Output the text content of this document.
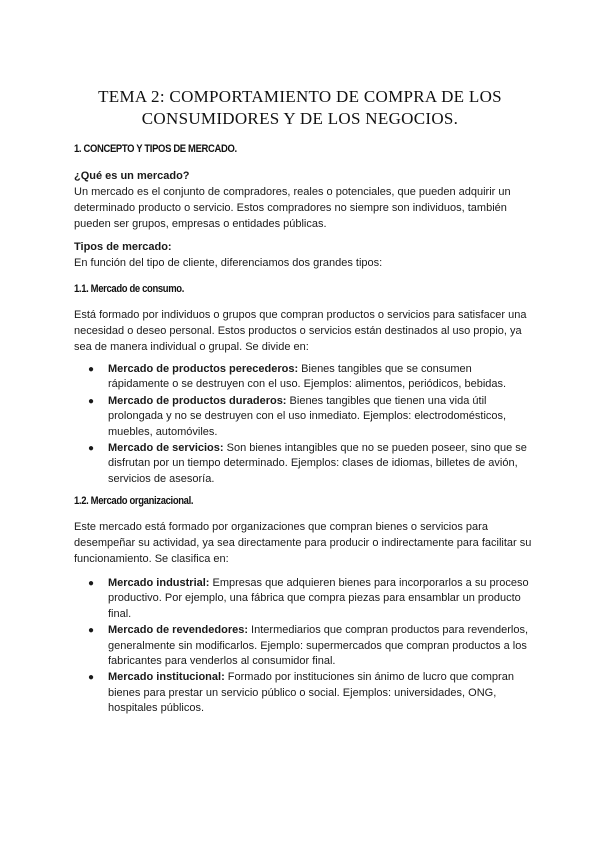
TEMA 2: COMPORTAMIENTO DE COMPRA DE LOS
CONSUMIDORES Y DE LOS NEGOCIOS.
1. CONCEPTO Y TIPOS DE MERCADO.

¿Qué es un mercado?

Un mercado es el conjunto de compradores, reales o potenciales, que pueden adquirir un determinado producto o servicio. Estos compradores no siempre son individuos, también pueden ser grupos, empresas o entidades públicas.

Tipos de mercado:

En función del tipo de cliente, diferenciamos dos grandes tipos:

1.1. Mercado de consumo.

Está formado por individuos o grupos que compran productos o servicios para satisfacer una necesidad o deseo personal. Estos productos o servicios están destinados al uso propio, ya sea de manera individual o grupal. Se divide en:

● Mercado de productos perecederos: Bienes tangibles que se consumen rápidamente o se destruyen con el uso. Ejemplos: alimentos, periódicos, bebidas.
● Mercado de productos duraderos: Bienes tangibles que tienen una vida útil prolongada y no se destruyen con el uso inmediato. Ejemplos: electrodomésticos, muebles, automóviles.
● Mercado de servicios: Son bienes intangibles que no se pueden poseer, sino que se disfrutan por un tiempo determinado. Ejemplos: clases de idiomas, billetes de avión, servicios de asesoría.
1.2. Mercado organizacional.

Este mercado está formado por organizaciones que compran bienes o servicios para desempeñar su actividad, ya sea directamente para producir o indirectamente para facilitar su funcionamiento. Se clasifica en:

● Mercado industrial: Empresas que adquieren bienes para incorporarlos a su proceso productivo. Por ejemplo, una fábrica que compra piezas para ensamblar un producto final.
● Mercado de revendedores: Intermediarios que compran productos para revenderlos, generalmente sin modificarlos. Ejemplo: supermercados que compran productos a los fabricantes para venderlos al consumidor final.
● Mercado institucional: Formado por instituciones sin ánimo de lucro que compran bienes para prestar un servicio público o social. Ejemplos: universidades, ONG, hospitales públicos.
